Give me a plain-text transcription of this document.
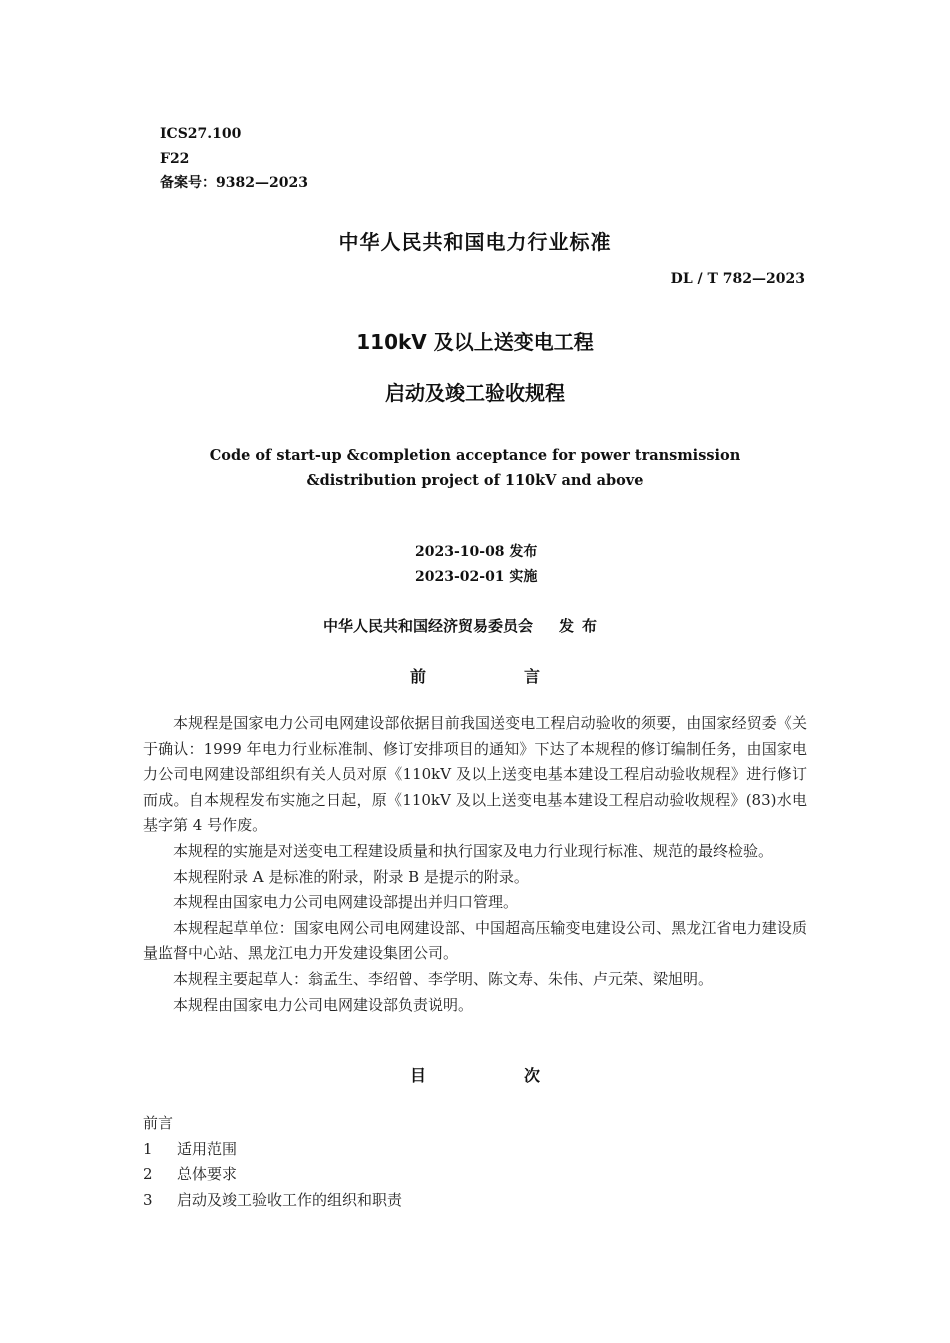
ICS27.100
F22
备案号：9382—2023
中华人民共和国电力行业标准
DL / T 782—2023
110kV 及以上送变电工程
启动及竣工验收规程
Code of start-up &completion acceptance for power transmission
&distribution project of 110kV and above
2023-10-08 发布
2023-02-01 实施
中华人民共和国经济贸易委员会 发布
前	言

本规程是国家电力公司电网建设部依据目前我国送变电工程启动验收的须要，由国家经贸委《关于确认：1999 年电力行业标准制、修订安排项目的通知》下达了本规程的修订编制任务，由国家电力公司电网建设部组织有关人员对原《110kV 及以上送变电基本建设工程启动验收规程》进行修订而成。自本规程发布实施之日起，原《110kV 及以上送变电基本建设工程启动验收规程》(83)水电基字第 4 号作废。

本规程的实施是对送变电工程建设质量和执行国家及电力行业现行标准、规范的最终检验。

本规程附录 A 是标准的附录，附录 B 是提示的附录。

本规程由国家电力公司电网建设部提出并归口管理。

本规程起草单位：国家电网公司电网建设部、中国超高压输变电建设公司、黑龙江省电力建设质量监督中心站、黑龙江电力开发建设集团公司。

本规程主要起草人：翁孟生、李绍曾、李学明、陈文寿、朱伟、卢元荣、梁旭明。

本规程由国家电力公司电网建设部负责说明。

目	次
前言
1	适用范围
2	总体要求
3	启动及竣工验收工作的组织和职责
